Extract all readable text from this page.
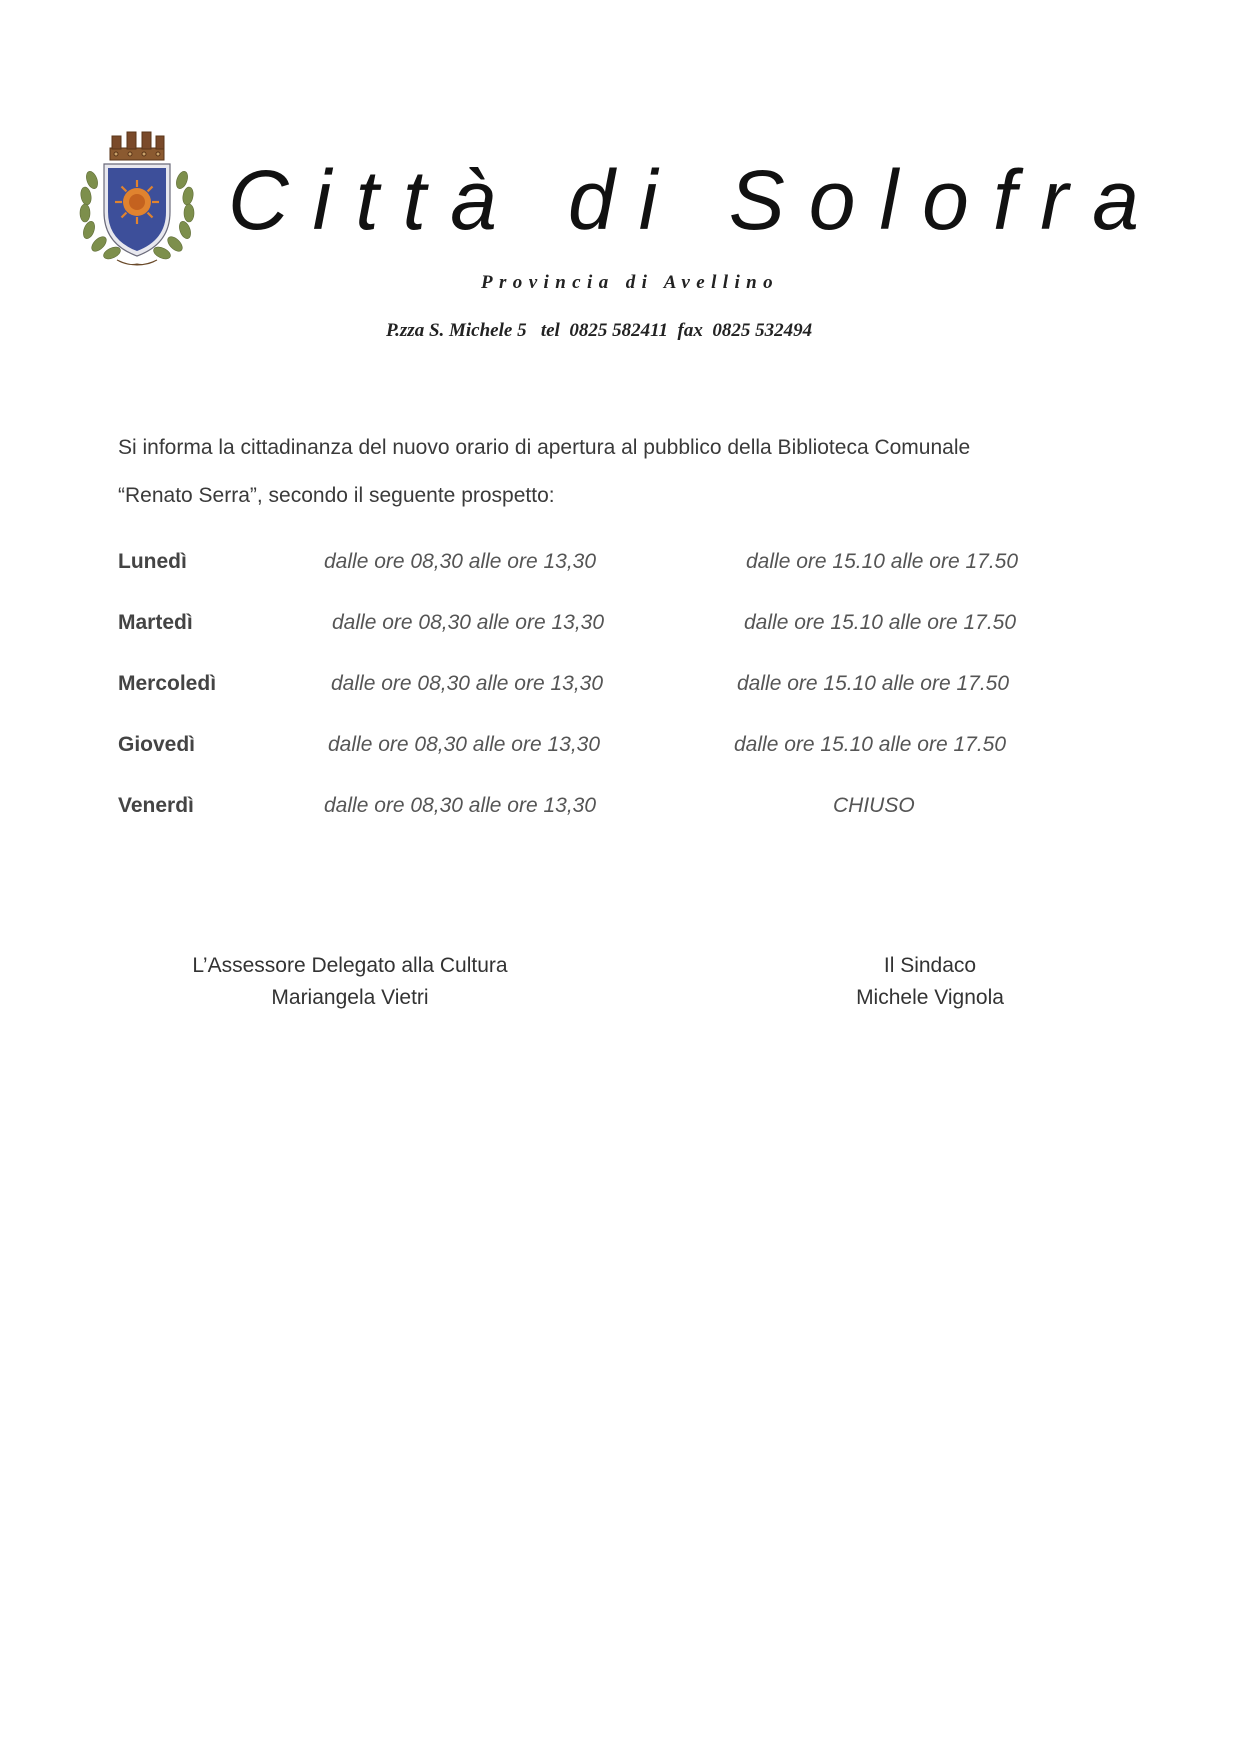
Città di Solofra
Provincia di Avellino
P.zza S. Michele 5   tel  0825 582411  fax  0825 532494
Si informa la cittadinanza del nuovo orario di apertura al pubblico della Biblioteca Comunale
“Renato Serra”, secondo il seguente prospetto:
Lunedì	dalle ore 08,30 alle ore 13,30	dalle ore 15.10 alle ore 17.50
Martedì	dalle ore 08,30 alle ore 13,30	dalle ore 15.10 alle ore 17.50
Mercoledì	dalle ore 08,30 alle ore 13,30	dalle ore 15.10 alle ore 17.50
Giovedì	dalle ore 08,30 alle ore 13,30	dalle ore 15.10 alle ore 17.50
Venerdì	dalle ore 08,30 alle ore 13,30	CHIUSO
L’Assessore Delegato alla Cultura
Mariangela Vietri
Il Sindaco
Michele Vignola
